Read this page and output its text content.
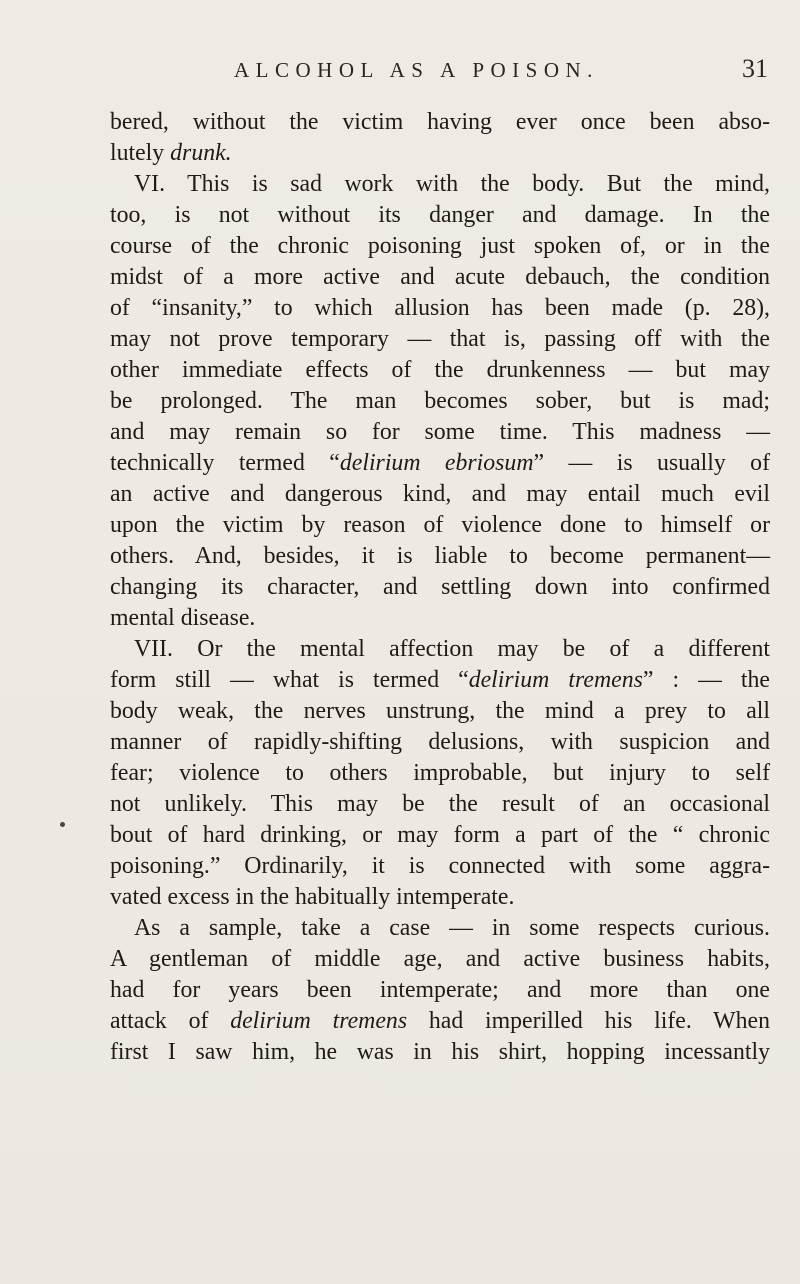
ALCOHOL AS A POISON.	31
bered, without the victim having ever once been abso-
lutely drunk.
VI. This is sad work with the body. But the mind,
too, is not without its danger and damage. In the
course of the chronic poisoning just spoken of, or in the
midst of a more active and acute debauch, the condition
of “insanity,” to which allusion has been made (p. 28),
may not prove temporary — that is, passing off with the
other immediate effects of the drunkenness — but may
be prolonged. The man becomes sober, but is mad;
and may remain so for some time. This madness —
technically termed “delirium ebriosum” — is usually of
an active and dangerous kind, and may entail much evil
upon the victim by reason of violence done to himself or
others. And, besides, it is liable to become permanent—
changing its character, and settling down into confirmed
mental disease.
VII. Or the mental affection may be of a different
form still — what is termed “delirium tremens” : — the
body weak, the nerves unstrung, the mind a prey to all
manner of rapidly-shifting delusions, with suspicion and
fear; violence to others improbable, but injury to self
not unlikely. This may be the result of an occasional
bout of hard drinking, or may form a part of the “ chronic
poisoning.” Ordinarily, it is connected with some aggra-
vated excess in the habitually intemperate.
As a sample, take a case — in some respects curious.
A gentleman of middle age, and active business habits,
had for years been intemperate; and more than one
attack of delirium tremens had imperilled his life. When
first I saw him, he was in his shirt, hopping incessantly
